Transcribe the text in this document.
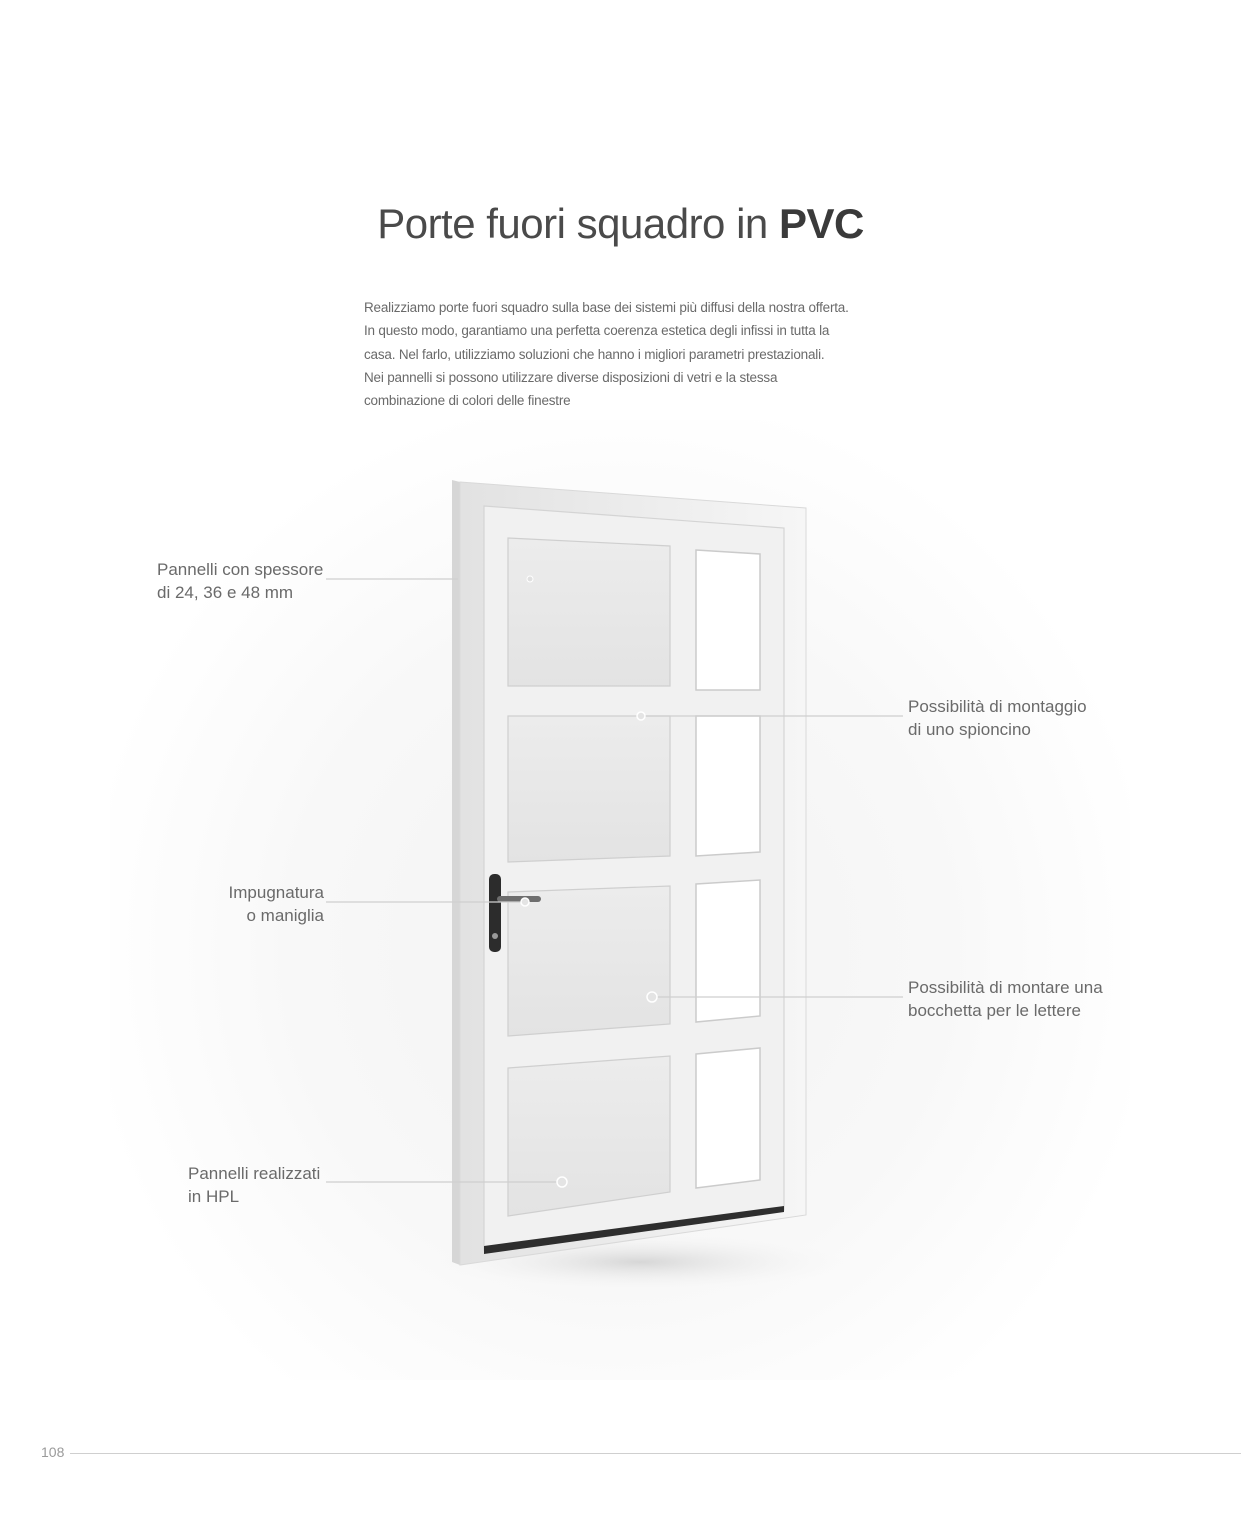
Porte fuori squadro in PVC
Realizziamo porte fuori squadro sulla base dei sistemi più diffusi della nostra offerta.
In questo modo, garantiamo una perfetta coerenza estetica degli infissi in tutta la
casa. Nel farlo, utilizziamo soluzioni che hanno i migliori parametri prestazionali.
Nei pannelli si possono utilizzare diverse disposizioni di vetri e la stessa
combinazione di colori delle finestre
Pannelli con spessore
di 24, 36 e 48 mm
Possibilità di montaggio
di uno spioncino
Impugnatura
o maniglia
Possibilità di montare una
bocchetta per le lettere
Pannelli realizzati
in HPL
108
